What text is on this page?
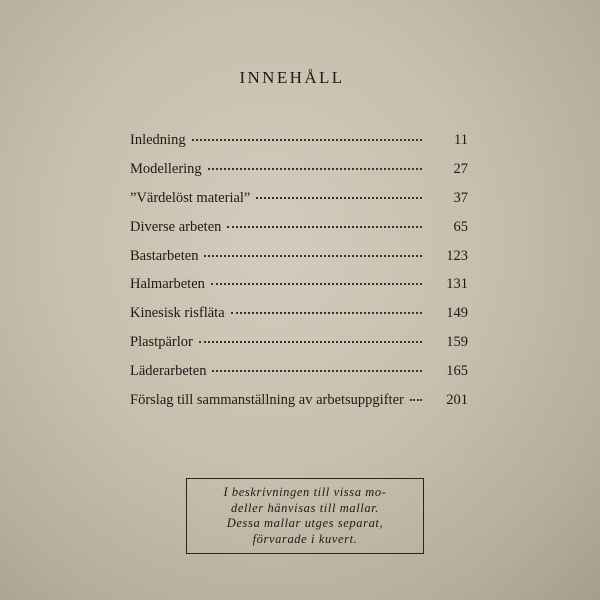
INNEHÅLL
Inledning	11
Modellering	27
”Värdelöst material”	37
Diverse arbeten	65
Bastarbeten	123
Halmarbeten	131
Kinesisk risfläta	149
Plastpärlor	159
Läderarbeten	165
Förslag till sammanställning av arbetsuppgifter	201
I beskrivningen till vissa mo-
deller hänvisas till mallar.
Dessa mallar utges separat,
förvarade i kuvert.
